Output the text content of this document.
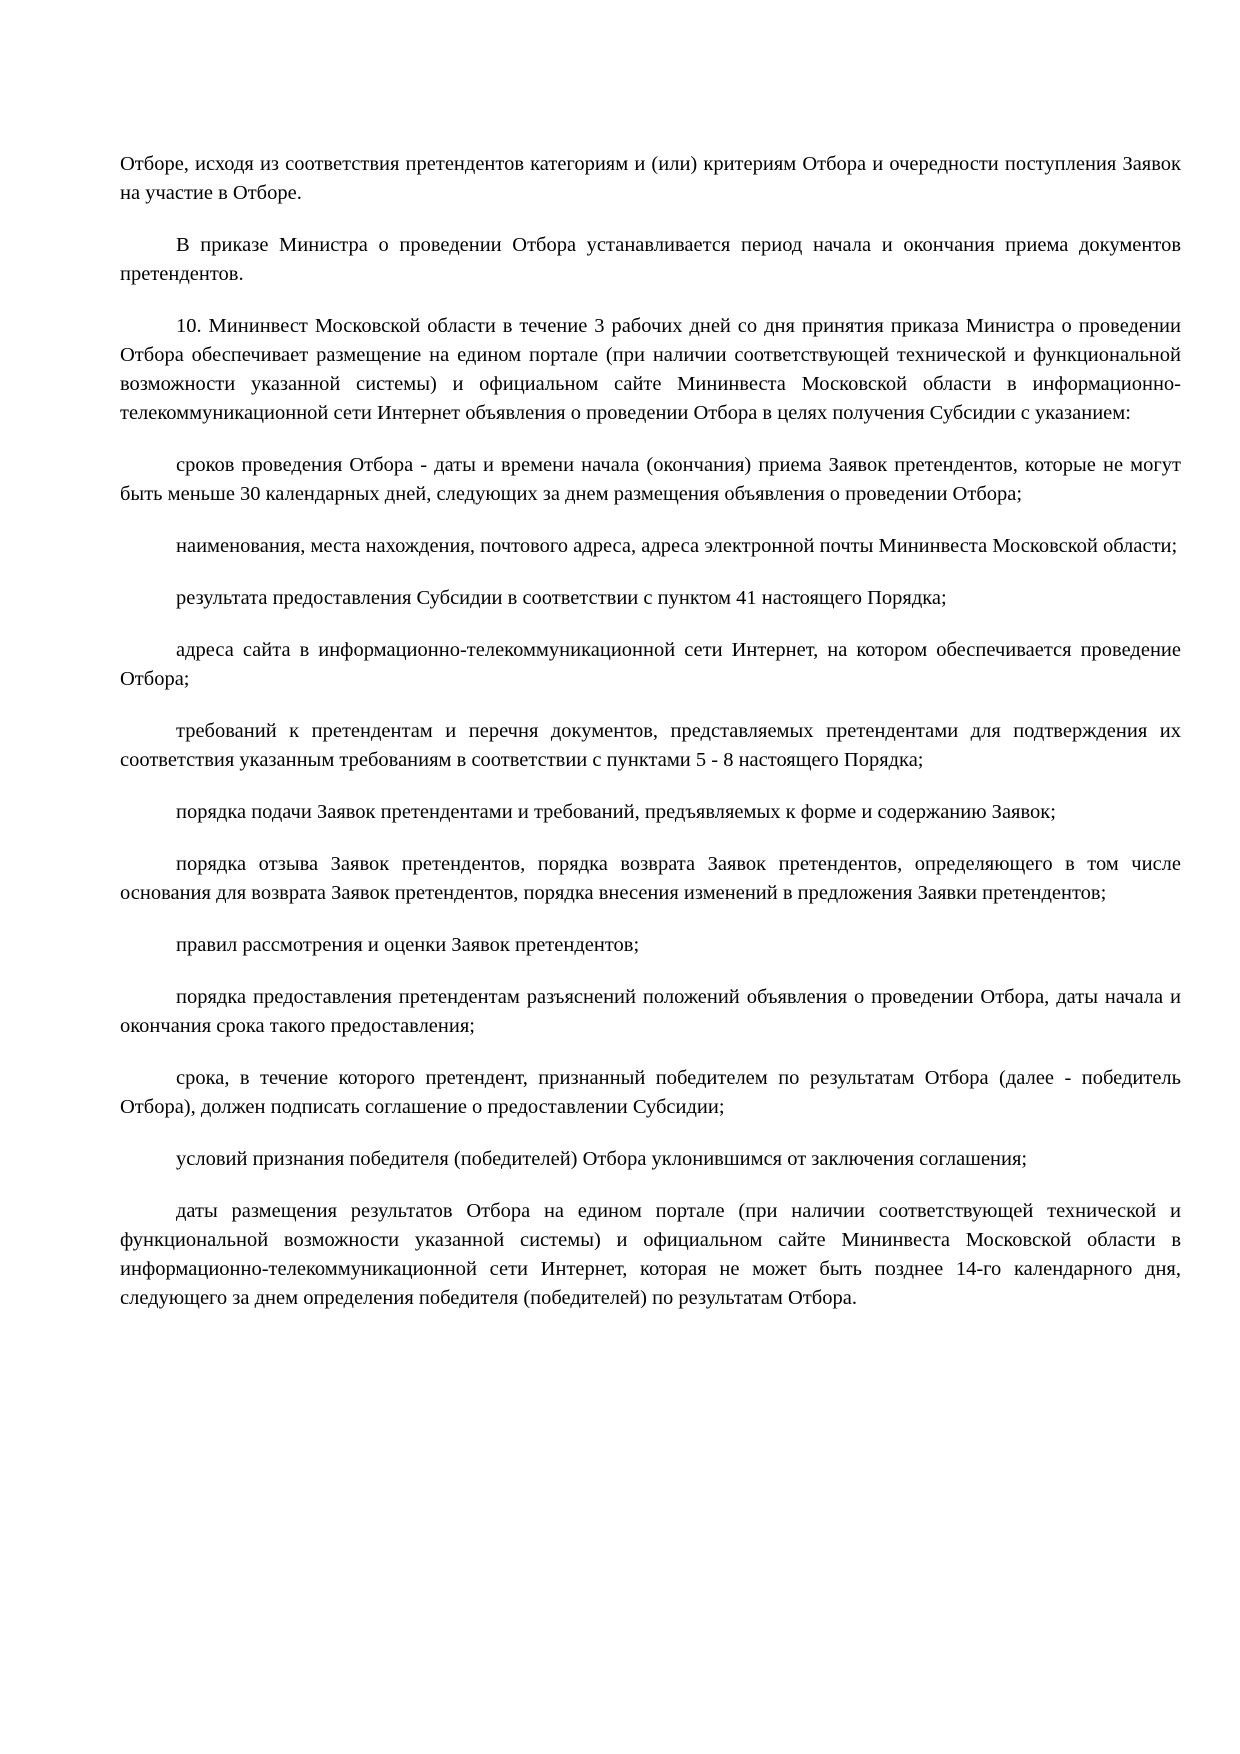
Отборе, исходя из соответствия претендентов категориям и (или) критериям Отбора и очередности поступления Заявок на участие в Отборе.

В приказе Министра о проведении Отбора устанавливается период начала и окончания приема документов претендентов.

10. Мининвест Московской области в течение 3 рабочих дней со дня принятия приказа Министра о проведении Отбора обеспечивает размещение на едином портале (при наличии соответствующей технической и функциональной возможности указанной системы) и официальном сайте Мининвеста Московской области в информационно-телекоммуникационной сети Интернет объявления о проведении Отбора в целях получения Субсидии с указанием:

сроков проведения Отбора - даты и времени начала (окончания) приема Заявок претендентов, которые не могут быть меньше 30 календарных дней, следующих за днем размещения объявления о проведении Отбора;

наименования, места нахождения, почтового адреса, адреса электронной почты Мининвеста Московской области;

результата предоставления Субсидии в соответствии с пунктом 41 настоящего Порядка;

адреса сайта в информационно-телекоммуникационной сети Интернет, на котором обеспечивается проведение Отбора;

требований к претендентам и перечня документов, представляемых претендентами для подтверждения их соответствия указанным требованиям в соответствии с пунктами 5 - 8 настоящего Порядка;

порядка подачи Заявок претендентами и требований, предъявляемых к форме и содержанию Заявок;

порядка отзыва Заявок претендентов, порядка возврата Заявок претендентов, определяющего в том числе основания для возврата Заявок претендентов, порядка внесения изменений в предложения Заявки претендентов;

правил рассмотрения и оценки Заявок претендентов;

порядка предоставления претендентам разъяснений положений объявления о проведении Отбора, даты начала и окончания срока такого предоставления;

срока, в течение которого претендент, признанный победителем по результатам Отбора (далее - победитель Отбора), должен подписать соглашение о предоставлении Субсидии;

условий признания победителя (победителей) Отбора уклонившимся от заключения соглашения;

даты размещения результатов Отбора на едином портале (при наличии соответствующей технической и функциональной возможности указанной системы) и официальном сайте Мининвеста Московской области в информационно-телекоммуникационной сети Интернет, которая не может быть позднее 14-го календарного дня, следующего за днем определения победителя (победителей) по результатам Отбора.
